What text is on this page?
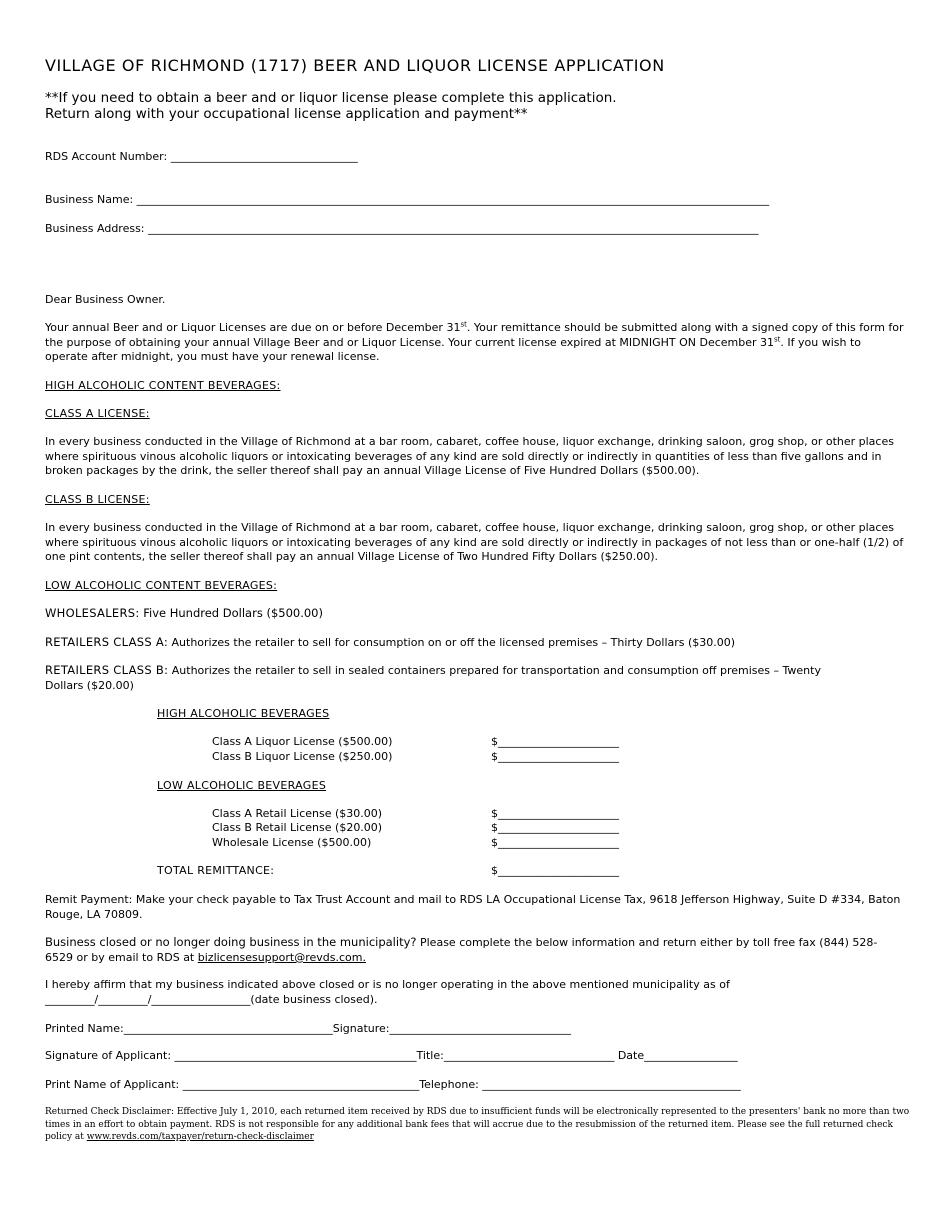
VILLAGE OF RICHMOND (1717) BEER AND LIQUOR LICENSE APPLICATION
**If you need to obtain a beer and or liquor license please complete this application.
Return along with your occupational license application and payment**
RDS Account Number: __________________________________
Business Name: ___________________________________________________________________________________________________________________
Business Address: _______________________________________________________________________________________________________________
Dear Business Owner.
Your annual Beer and or Liquor Licenses are due on or before December 31st. Your remittance should be submitted along with a signed copy of this form for the purpose of obtaining your annual Village Beer and or Liquor License. Your current license expired at MIDNIGHT ON December 31st. If you wish to operate after midnight, you must have your renewal license.
HIGH ALCOHOLIC CONTENT BEVERAGES:
CLASS A LICENSE:
In every business conducted in the Village of Richmond at a bar room, cabaret, coffee house, liquor exchange, drinking saloon, grog shop, or other places where spirituous vinous alcoholic liquors or intoxicating beverages of any kind are sold directly or indirectly in quantities of less than five gallons and in broken packages by the drink, the seller thereof shall pay an annual Village License of Five Hundred Dollars ($500.00).
CLASS B LICENSE:
In every business conducted in the Village of Richmond at a bar room, cabaret, coffee house, liquor exchange, drinking saloon, grog shop, or other places where spirituous vinous alcoholic liquors or intoxicating beverages of any kind are sold directly or indirectly in packages of not less than or one-half (1/2) of one pint contents, the seller thereof shall pay an annual Village License of Two Hundred Fifty Dollars ($250.00).
LOW ALCOHOLIC CONTENT BEVERAGES:
WHOLESALERS: Five Hundred Dollars ($500.00)
RETAILERS CLASS A: Authorizes the retailer to sell for consumption on or off the licensed premises – Thirty Dollars ($30.00)
RETAILERS CLASS B: Authorizes the retailer to sell in sealed containers prepared for transportation and consumption off premises – Twenty Dollars ($20.00)
HIGH ALCOHOLIC BEVERAGES
Class A Liquor License ($500.00)	$______________________
Class B Liquor License ($250.00)	$______________________
LOW ALCOHOLIC BEVERAGES
Class A Retail License ($30.00)	$______________________
Class B Retail License ($20.00)	$______________________
Wholesale License ($500.00)	$______________________
TOTAL REMITTANCE:	$______________________
Remit Payment: Make your check payable to Tax Trust Account and mail to RDS LA Occupational License Tax, 9618 Jefferson Highway, Suite D #334, Baton Rouge, LA 70809.
Business closed or no longer doing business in the municipality? Please complete the below information and return either by toll free fax (844) 528-6529 or by email to RDS at bizlicensesupport@revds.com.
I hereby affirm that my business indicated above closed or is no longer operating in the above mentioned municipality as of
_________/_________/__________________(date business closed).
Printed Name:______________________________________Signature:_________________________________
Signature of Applicant: ____________________________________________Title:_______________________________ Date_________________
Print Name of Applicant: ___________________________________________Telephone: _______________________________________________
Returned Check Disclaimer: Effective July 1, 2010, each returned item received by RDS due to insufficient funds will be electronically represented to the presenters' bank no more than two times in an effort to obtain payment. RDS is not responsible for any additional bank fees that will accrue due to the resubmission of the returned item. Please see the full returned check policy at www.revds.com/taxpayer/return-check-disclaimer
